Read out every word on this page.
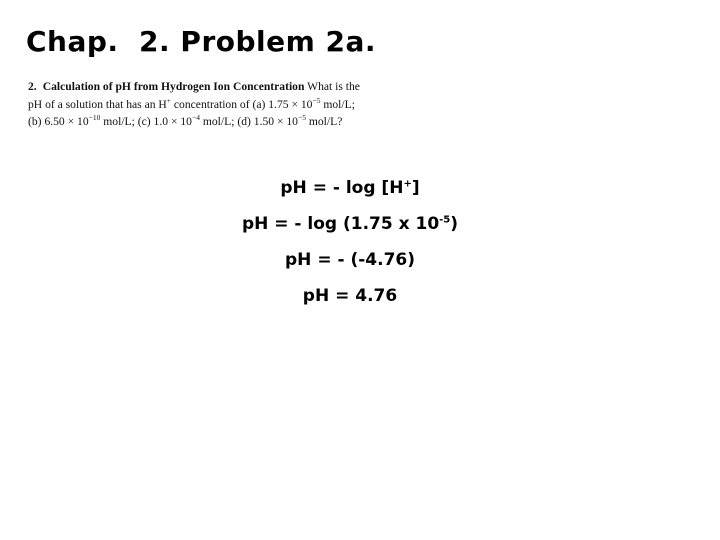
Chap.  2. Problem 2a.
2. Calculation of pH from Hydrogen Ion Concentration What is the pH of a solution that has an H+ concentration of (a) $1.75 \times 10^{-5}$ mol/L; (b) $6.50 \times 10^{-10}$ mol/L; (c) $1.0 \times 10^{-4}$ mol/L; (d) $1.50 \times 10^{-5}$ mol/L?
pH = - log [H+]
pH = - log (1.75 x $10^{-5}$)
pH = - (-4.76)
pH = 4.76
